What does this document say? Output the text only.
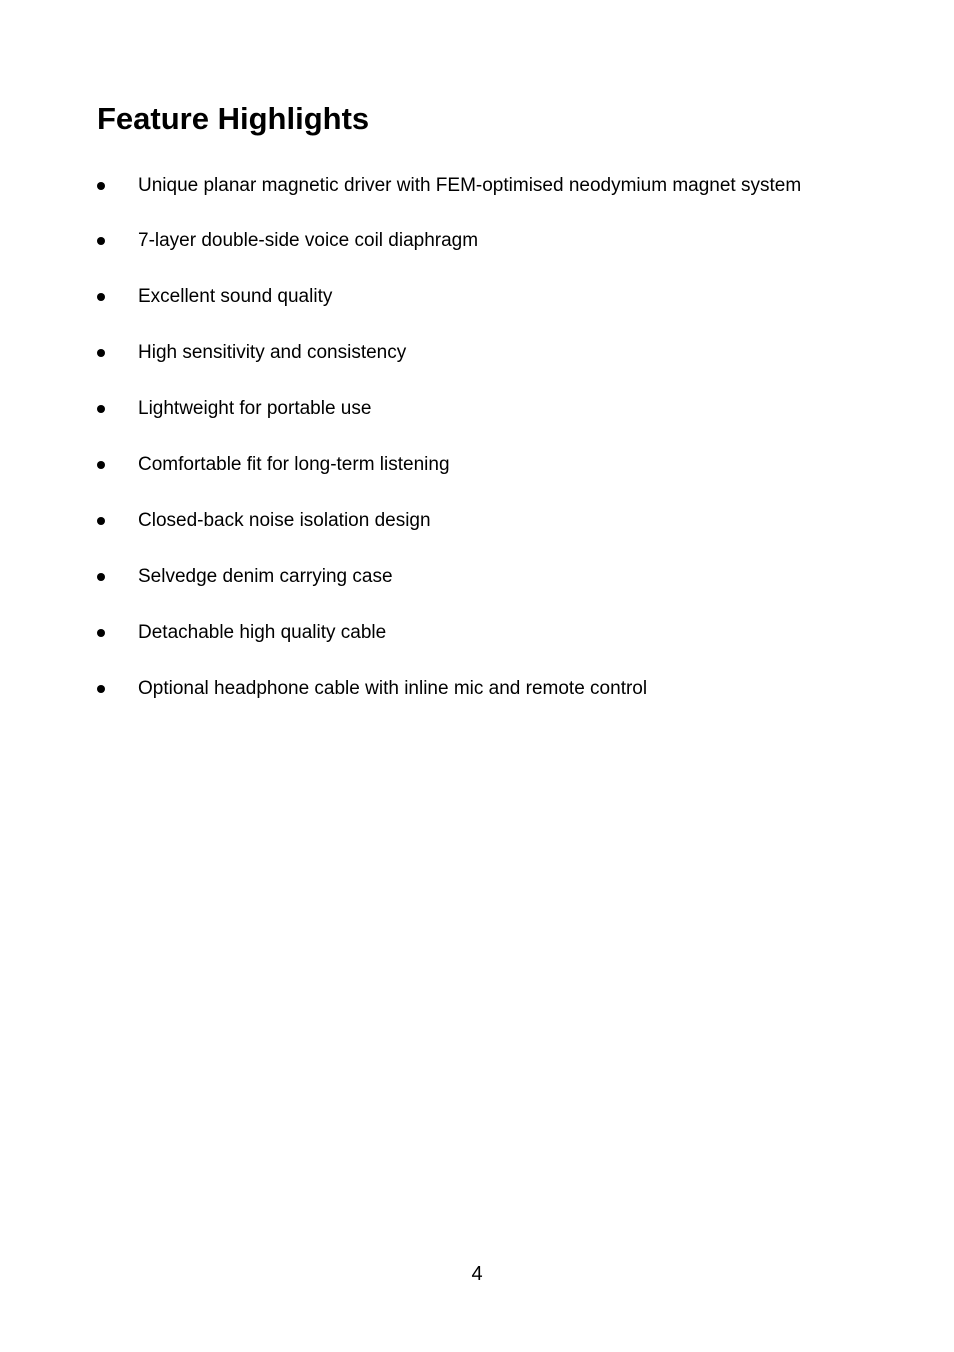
Feature Highlights
Unique planar magnetic driver with FEM-optimised neodymium magnet system
7-layer double-side voice coil diaphragm
Excellent sound quality
High sensitivity and consistency
Lightweight for portable use
Comfortable fit for long-term listening
Closed-back noise isolation design
Selvedge denim carrying case
Detachable high quality cable
Optional headphone cable with inline mic and remote control
4
